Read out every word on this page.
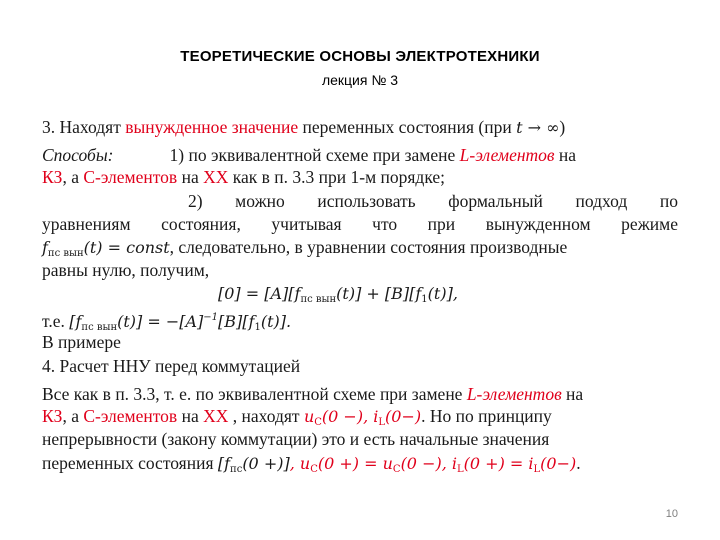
ТЕОРЕТИЧЕСКИЕ ОСНОВЫ ЭЛЕКТРОТЕХНИКИ
лекция № 3
3. Находят вынужденное значение переменных состояния (при t → ∞)
Способы:	1) по эквивалентной схеме при замене L-элементов на
КЗ, а С-элементов на ХХ как в п. 3.3 при 1-м порядке;
2) можно использовать формальный подход по
уравнениям состояния, учитывая что при вынужденном режиме
$f_{пс вын}(t)$ = const, следовательно, в уравнении состояния производные
равны нулю, получим,
$[0] = [A][f_{пс вын}(t)] + [B][f_1(t)]$,
т.е. $[f_{пс вын}(t)] = -[A]^{-1}[B][f_1(t)]$.
В примере
4. Расчет ННУ перед коммутацией
Все как в п. 3.3, т. е. по эквивалентной схеме при замене L-элементов на
КЗ, а С-элементов на ХХ , находят $u_C(0$ −), $i_L(0-)$. Но по принципу
непрерывности (закону коммутации) это и есть начальные значения
переменных состояния [$f_{пс}(0$ +)], $u_C(0$ +) = $u_C(0$ −), $i_L(0$ +) = $i_L(0-)$.
10
